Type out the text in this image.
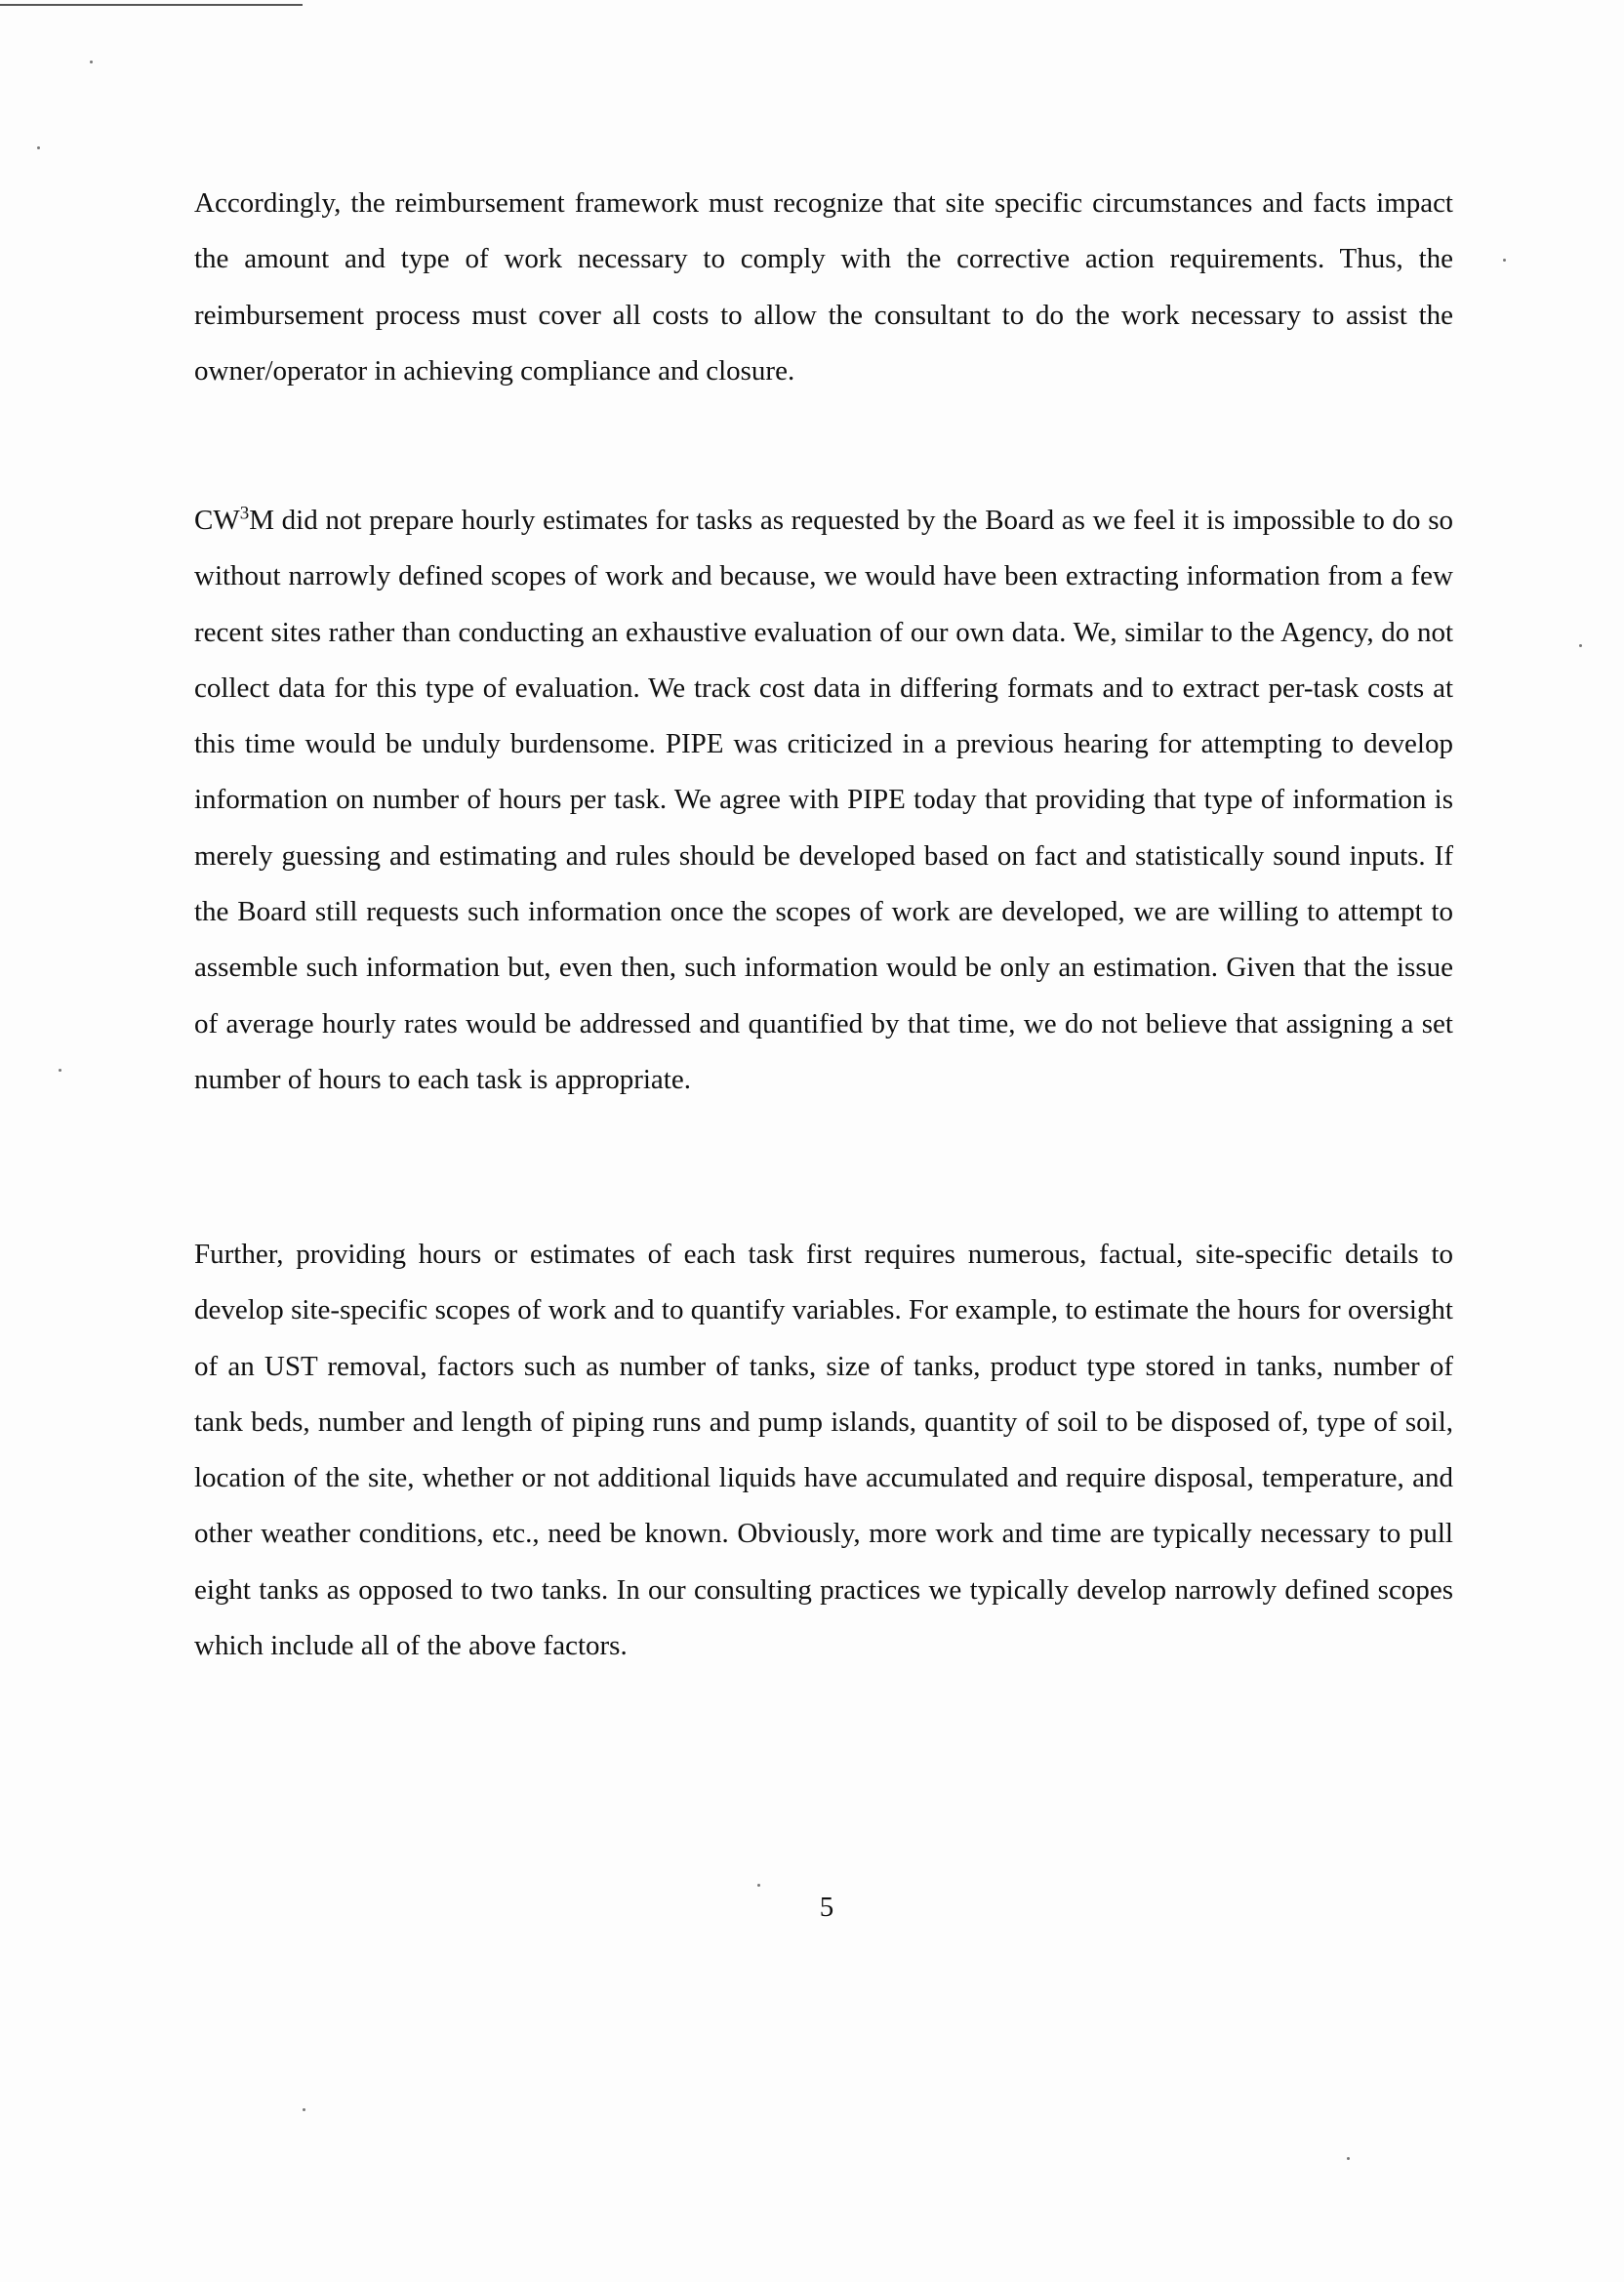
Accordingly, the reimbursement framework must recognize that site specific circumstances and facts impact the amount and type of work necessary to comply with the corrective action requirements. Thus, the reimbursement process must cover all costs to allow the consultant to do the work necessary to assist the owner/operator in achieving compliance and closure.

$CW^3M$ did not prepare hourly estimates for tasks as requested by the Board as we feel it is impossible to do so without narrowly defined scopes of work and because, we would have been extracting information from a few recent sites rather than conducting an exhaustive evaluation of our own data. We, similar to the Agency, do not collect data for this type of evaluation. We track cost data in differing formats and to extract per-task costs at this time would be unduly burdensome. PIPE was criticized in a previous hearing for attempting to develop information on number of hours per task. We agree with PIPE today that providing that type of information is merely guessing and estimating and rules should be developed based on fact and statistically sound inputs. If the Board still requests such information once the scopes of work are developed, we are willing to attempt to assemble such information but, even then, such information would be only an estimation. Given that the issue of average hourly rates would be addressed and quantified by that time, we do not believe that assigning a set number of hours to each task is appropriate.

Further, providing hours or estimates of each task first requires numerous, factual, site-specific details to develop site-specific scopes of work and to quantify variables. For example, to estimate the hours for oversight of an UST removal, factors such as number of tanks, size of tanks, product type stored in tanks, number of tank beds, number and length of piping runs and pump islands, quantity of soil to be disposed of, type of soil, location of the site, whether or not additional liquids have accumulated and require disposal, temperature, and other weather conditions, etc., need be known. Obviously, more work and time are typically necessary to pull eight tanks as opposed to two tanks. In our consulting practices we typically develop narrowly defined scopes which include all of the above factors.

5
